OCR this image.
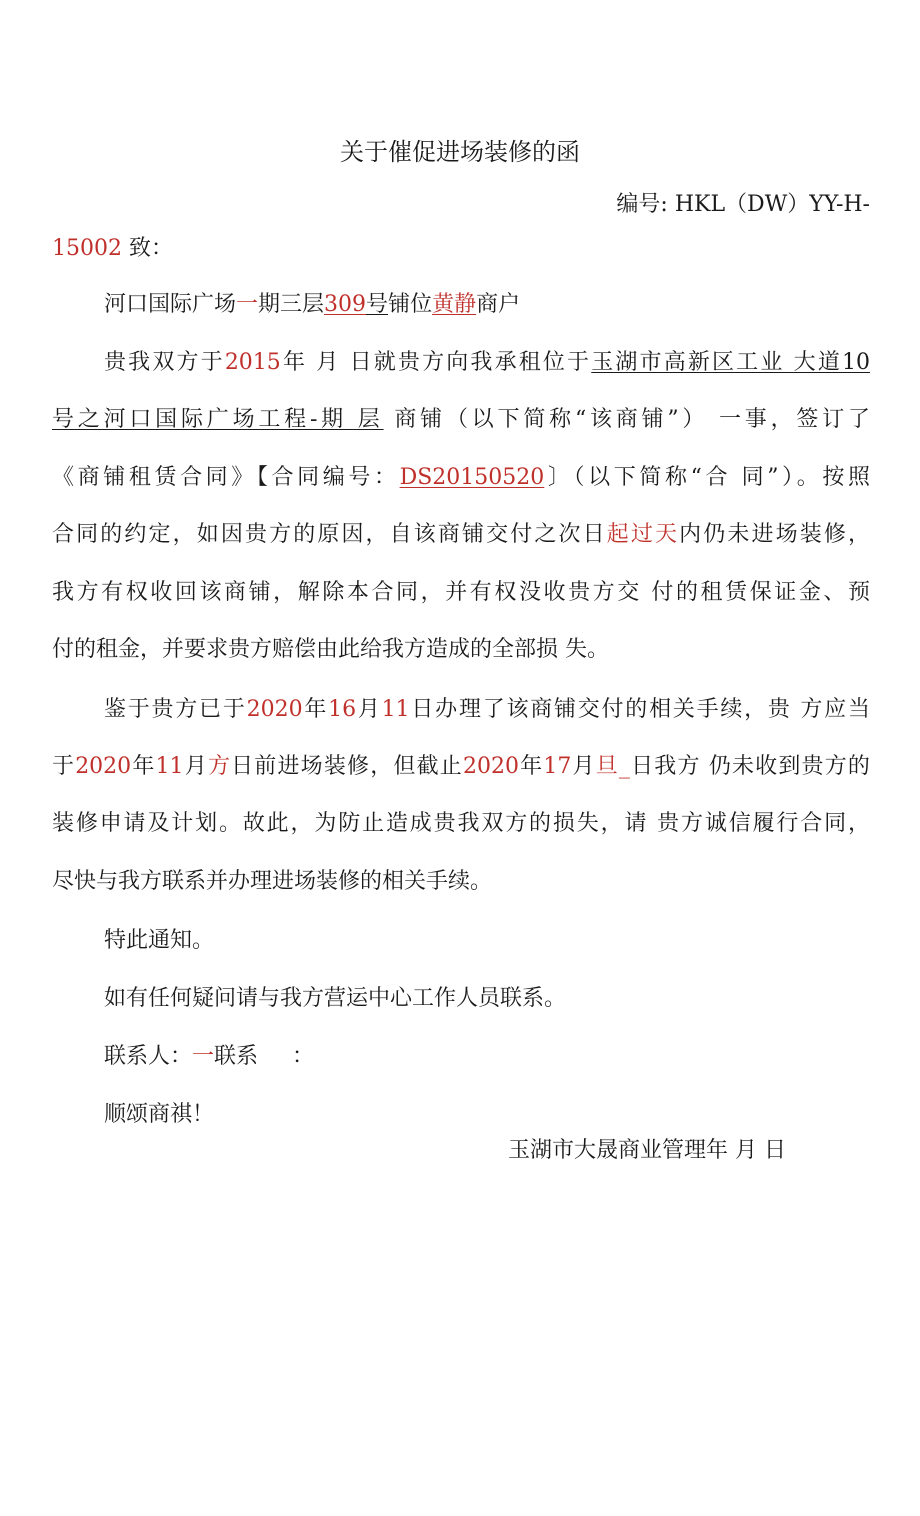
关于催促进场装修的函
编号: HKL（DW）YY-H-
15002 致：
河口国际广场一期三层309号铺位黄静商户
贵我双方于2015年 月 日就贵方向我承租位于玉湖市高新区工业 大道10
号之河口国际广场工程-期 层 商铺（以下简称“该商铺”） 一事，签订了
《商铺租赁合同》【合同编号：DS20150520〕（以下简称“合 同”）。按照
合同的约定，如因贵方的原因，自该商铺交付之次日起过天内仍未进场装修，
我方有权收回该商铺，解除本合同，并有权没收贵方交 付的租赁保证金、预
付的租金，并要求贵方赔偿由此给我方造成的全部损 失。
鉴于贵方已于2020年16月11日办理了该商铺交付的相关手续，贵 方应当
于2020年11月方日前进场装修，但截止2020年17月旦_日我方 仍未收到贵方的
装修申请及计划。故此，为防止造成贵我双方的损失，请 贵方诚信履行合同，
尽快与我方联系并办理进场装修的相关手续。
特此通知。
如有任何疑问请与我方营运中心工作人员联系。
联系人：一联系 ：
顺颂商祺！
玉湖市大晟商业管理年 月 日
